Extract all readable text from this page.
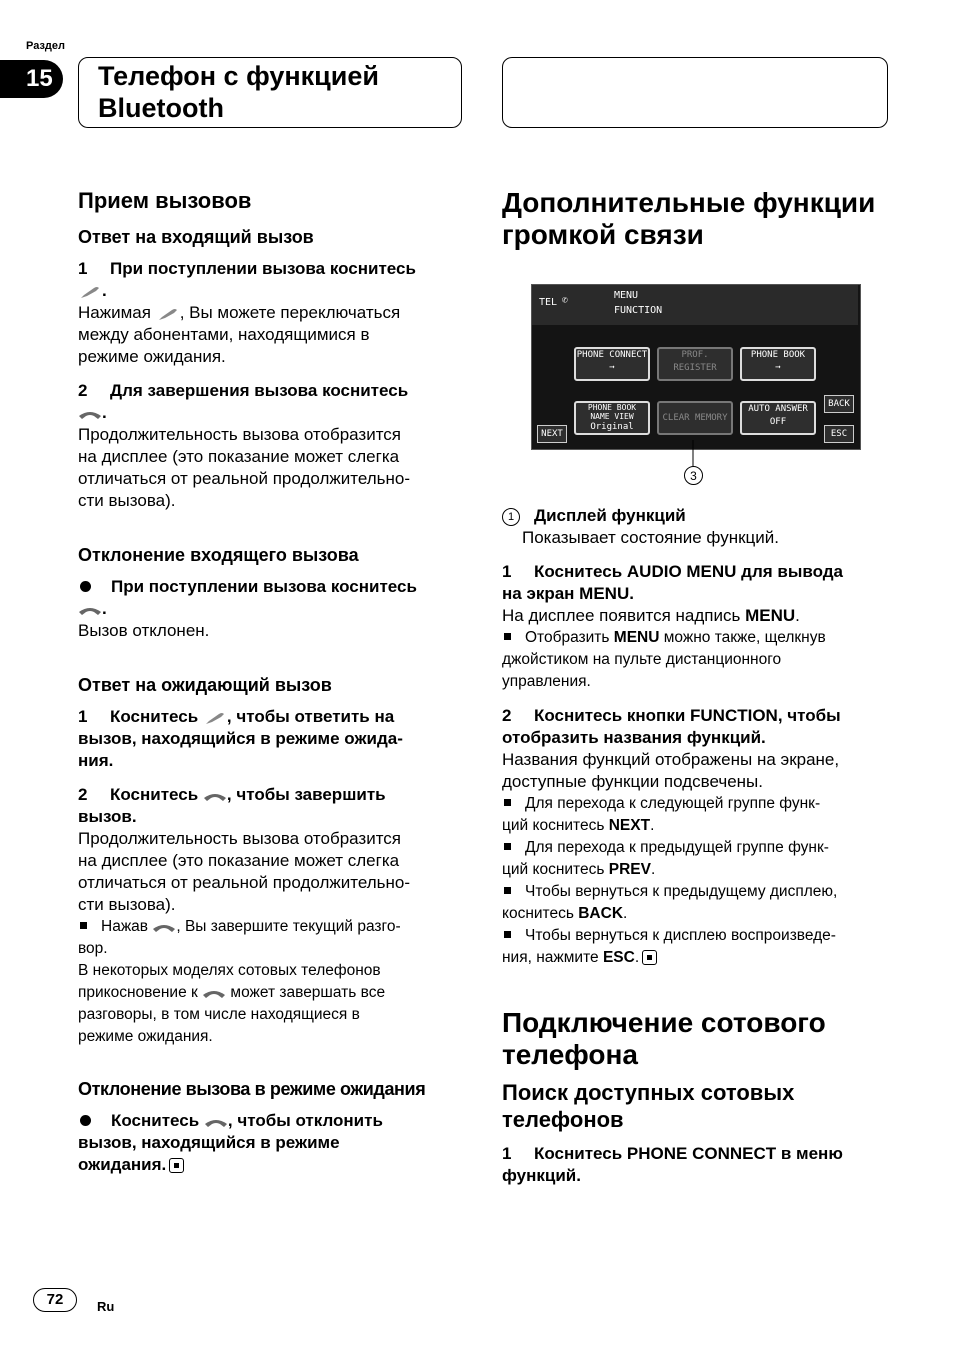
Раздел
15	Телефон с функцией
Bluetooth
Прием вызовов
Ответ на входящий вызов
1 При поступлении вызова коснитесь
.
Нажимая , Вы можете переключаться
между абонентами, находящимися в
режиме ожидания.
2 Для завершения вызова коснитесь
.
Продолжительность вызова отобразится
на дисплее (это показание может слегка
отличаться от реальной продолжительно-
сти вызова).
Отклонение входящего вызова
При поступлении вызова коснитесь
.
Вызов отклонен.
Ответ на ожидающий вызов
1 Коснитесь , чтобы ответить на
вызов, находящийся в режиме ожида-
ния.
2 Коснитесь , чтобы завершить
вызов.
Продолжительность вызова отобразится
на дисплее (это показание может слегка
отличаться от реальной продолжительно-
сти вызова).
Нажав , Вы завершите текущий разго-
вор.
В некоторых моделях сотовых телефонов
прикосновение к может завершать все
разговоры, в том числе находящиеся в
режиме ожидания.
Отклонение вызова в режиме ожидания
Коснитесь , чтобы отклонить
вызов, находящийся в режиме
ожидания.
Дополнительные функции
громкой связи
TEL ✆	MENU
FUNCTION
PHONE CONNECT
➞
PROF.
REGISTER
PHONE BOOK
➞
PHONE BOOK
NAME VIEW
Original
CLEAR MEMORY
AUTO ANSWER
OFF
NEXT
BACK
ESC
3
1 Дисплей функций
Показывает состояние функций.
1 Коснитесь AUDIO MENU для вывода
на экран MENU.
На дисплее появится надпись MENU.
Отобразить MENU можно также, щелкнув
джойстиком на пульте дистанционного
управления.
2 Коснитесь кнопки FUNCTION, чтобы
отобразить названия функций.
Названия функций отображены на экране,
доступные функции подсвечены.
Для перехода к следующей группе функ-
ций коснитесь NEXT.
Для перехода к предыдущей группе функ-
ций коснитесь PREV.
Чтобы вернуться к предыдущему дисплею,
коснитесь BACK.
Чтобы вернуться к дисплею воспроизведе-
ния, нажмите ESC.
Подключение сотового
телефона
Поиск доступных сотовых
телефонов
1 Коснитесь PHONE CONNECT в меню
функций.
72	Ru
